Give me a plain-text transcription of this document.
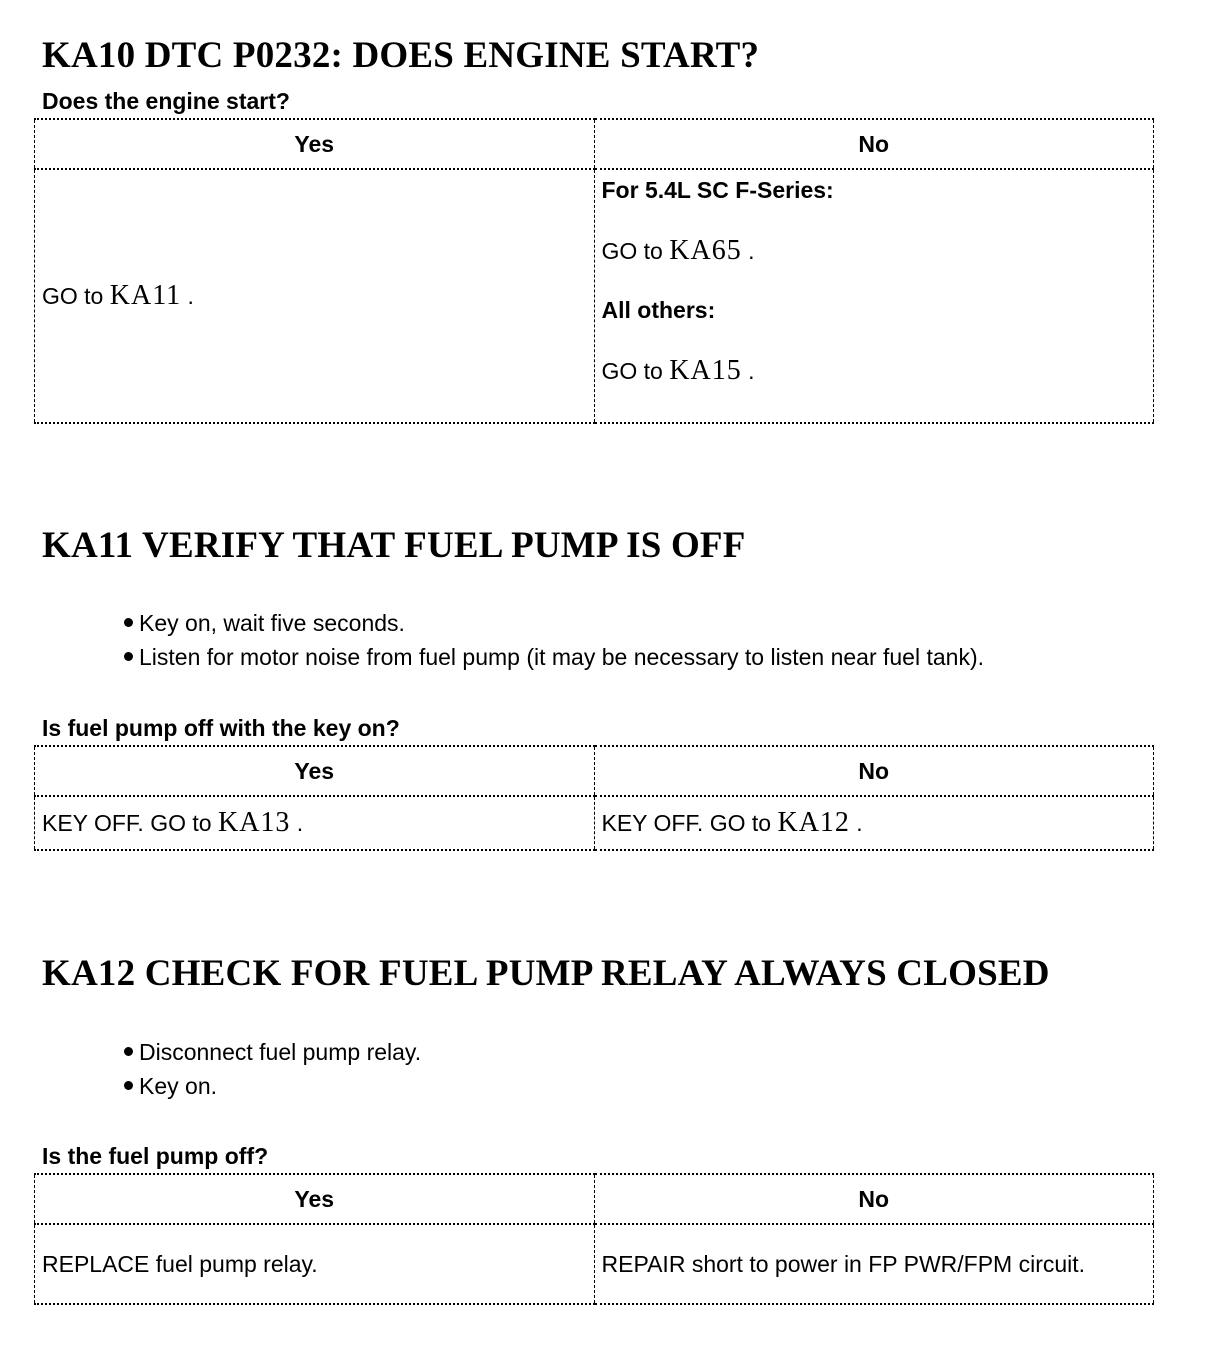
KA10 DTC P0232: DOES ENGINE START?
Does the engine start?
Yes	No
GO to KA11 .	For 5.4L SC F-Series:
GO to KA65 .
All others:
GO to KA15 .
KA11 VERIFY THAT FUEL PUMP IS OFF
Key on, wait five seconds.
Listen for motor noise from fuel pump (it may be necessary to listen near fuel tank).
Is fuel pump off with the key on?
Yes	No
KEY OFF. GO to KA13 .	KEY OFF. GO to KA12 .
KA12 CHECK FOR FUEL PUMP RELAY ALWAYS CLOSED
Disconnect fuel pump relay.
Key on.
Is the fuel pump off?
Yes	No
REPLACE fuel pump relay.	REPAIR short to power in FP PWR/FPM circuit.
